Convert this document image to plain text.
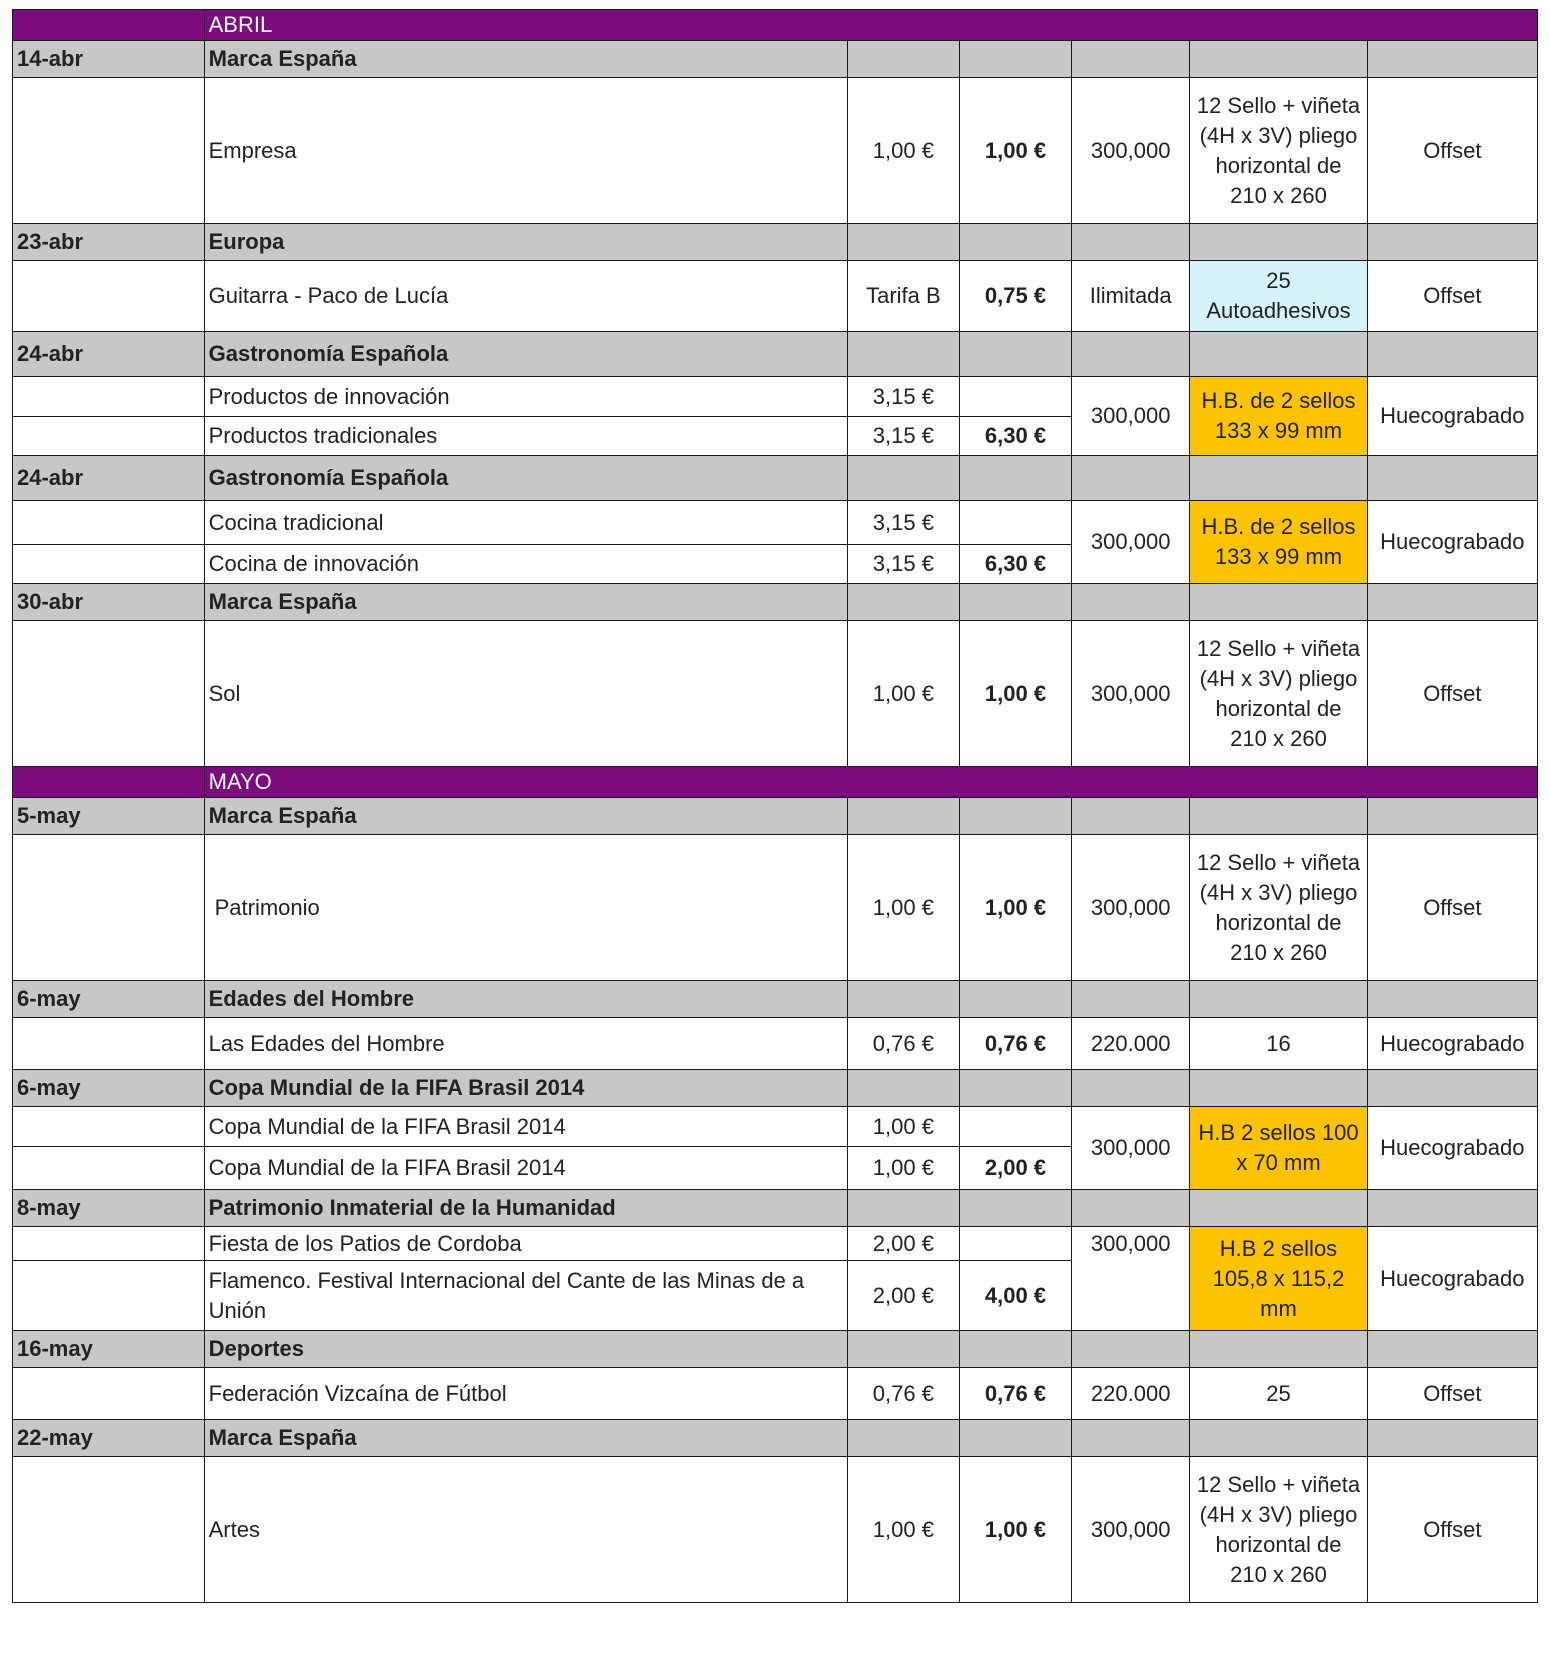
	ABRIL					
14-abr	Marca España					
	Empresa	1,00 €	1,00 €	300,000	12 Sello + viñeta (4H x 3V) pliego horizontal de 210 x 260	Offset
23-abr	Europa					
	Guitarra - Paco de Lucía	Tarifa B	0,75 €	Ilimitada	25 Autoadhesivos	Offset
24-abr	Gastronomía Española					
	Productos de innovación	3,15 €		300,000	H.B. de 2 sellos 133 x 99 mm	Huecograbado
	Productos tradicionales	3,15 €	6,30 €			
24-abr	Gastronomía Española					
	Cocina tradicional	3,15 €		300,000	H.B. de 2 sellos 133 x 99 mm	Huecograbado
	Cocina de innovación	3,15 €	6,30 €			
30-abr	Marca España					
	Sol	1,00 €	1,00 €	300,000	12 Sello + viñeta (4H x 3V) pliego horizontal de 210 x 260	Offset
	MAYO					
5-may	Marca España					
	Patrimonio	1,00 €	1,00 €	300,000	12 Sello + viñeta (4H x 3V) pliego horizontal de 210 x 260	Offset
6-may	Edades del Hombre					
	Las Edades del Hombre	0,76 €	0,76 €	220.000	16	Huecograbado
6-may	Copa Mundial de la FIFA Brasil 2014					
	Copa Mundial de la FIFA Brasil 2014	1,00 €		300,000	H.B 2 sellos 100 x 70 mm	Huecograbado
	Copa Mundial de la FIFA Brasil 2014	1,00 €	2,00 €			
8-may	Patrimonio Inmaterial de la Humanidad					
	Fiesta de los Patios de Cordoba	2,00 €		300,000	H.B 2 sellos 105,8 x 115,2 mm	Huecograbado
	Flamenco. Festival Internacional del Cante de las Minas de a Unión	2,00 €	4,00 €			
16-may	Deportes					
	Federación Vizcaína de Fútbol	0,76 €	0,76 €	220.000	25	Offset
22-may	Marca España					
	Artes	1,00 €	1,00 €	300,000	12 Sello + viñeta (4H x 3V) pliego horizontal de 210 x 260	Offset
